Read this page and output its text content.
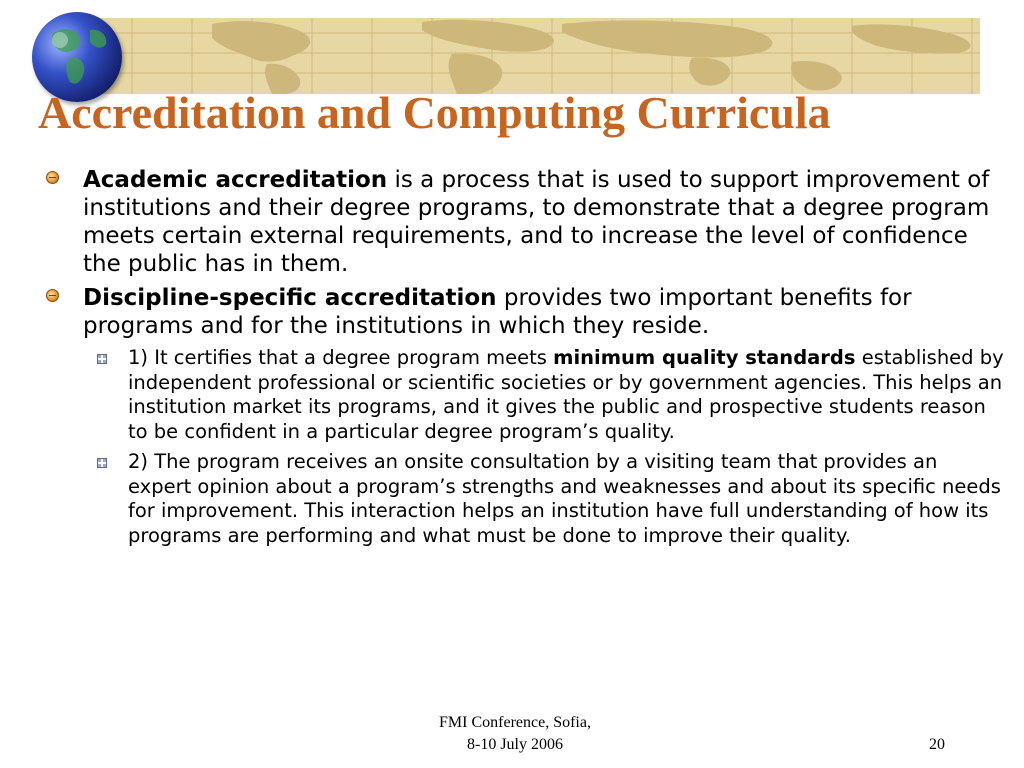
Accreditation and Computing Curricula
Academic accreditation is a process that is used to support improvement of institutions and their degree programs, to demonstrate that a degree program meets certain external requirements, and to increase the level of confidence the public has in them.
Discipline-specific accreditation provides two important benefits for programs and for the institutions in which they reside.
1) It certifies that a degree program meets minimum quality standards established by independent professional or scientific societies or by government agencies. This helps an institution market its programs, and it gives the public and prospective students reason to be confident in a particular degree program’s quality.
2) The program receives an onsite consultation by a visiting team that provides an expert opinion about a program’s strengths and weaknesses and about its specific needs for improvement. This interaction helps an institution have full understanding of how its programs are performing and what must be done to improve their quality.
FMI Conference, Sofia,
8-10 July 2006	20
